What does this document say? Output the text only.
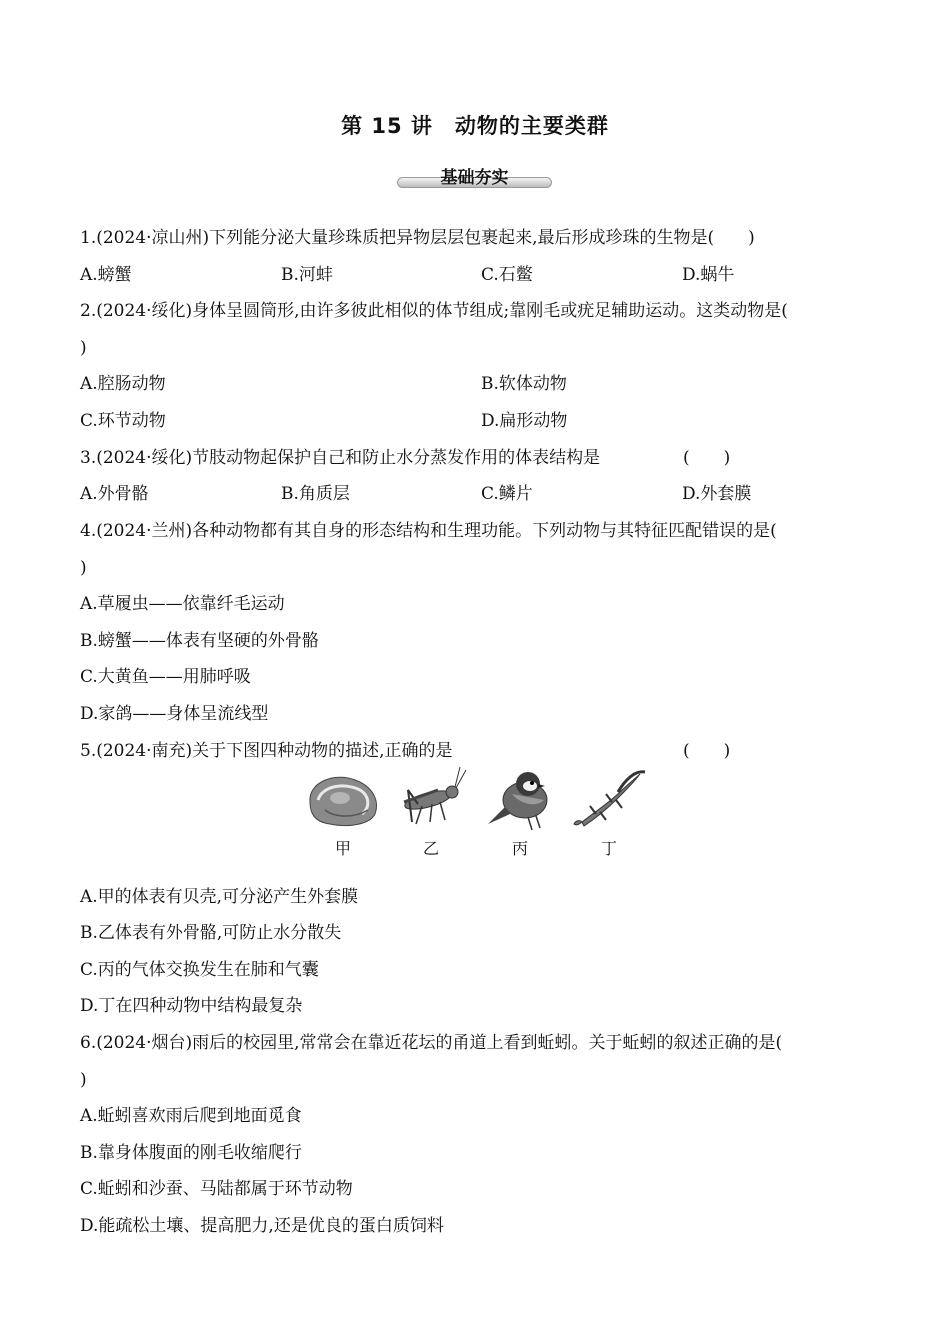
第 15 讲　动物的主要类群
基础夯实
1.(2024·凉山州)下列能分泌大量珍珠质把异物层层包裹起来,最后形成珍珠的生物是(　　)
A.螃蟹	B.河蚌	C.石鳖	D.蜗牛
2.(2024·绥化)身体呈圆筒形,由许多彼此相似的体节组成;靠刚毛或疣足辅助运动。这类动物是(
)
A.腔肠动物	B.软体动物
C.环节动物	D.扁形动物
3.(2024·绥化)节肢动物起保护自己和防止水分蒸发作用的体表结构是	(　　)
A.外骨骼	B.角质层	C.鳞片	D.外套膜
4.(2024·兰州)各种动物都有其自身的形态结构和生理功能。下列动物与其特征匹配错误的是(
)
A.草履虫——依靠纤毛运动
B.螃蟹——体表有坚硬的外骨骼
C.大黄鱼——用肺呼吸
D.家鸽——身体呈流线型
5.(2024·南充)关于下图四种动物的描述,正确的是	(　　)
甲	乙	丙	丁
A.甲的体表有贝壳,可分泌产生外套膜
B.乙体表有外骨骼,可防止水分散失
C.丙的气体交换发生在肺和气囊
D.丁在四种动物中结构最复杂
6.(2024·烟台)雨后的校园里,常常会在靠近花坛的甬道上看到蚯蚓。关于蚯蚓的叙述正确的是(
)
A.蚯蚓喜欢雨后爬到地面觅食
B.靠身体腹面的刚毛收缩爬行
C.蚯蚓和沙蚕、马陆都属于环节动物
D.能疏松土壤、提高肥力,还是优良的蛋白质饲料
